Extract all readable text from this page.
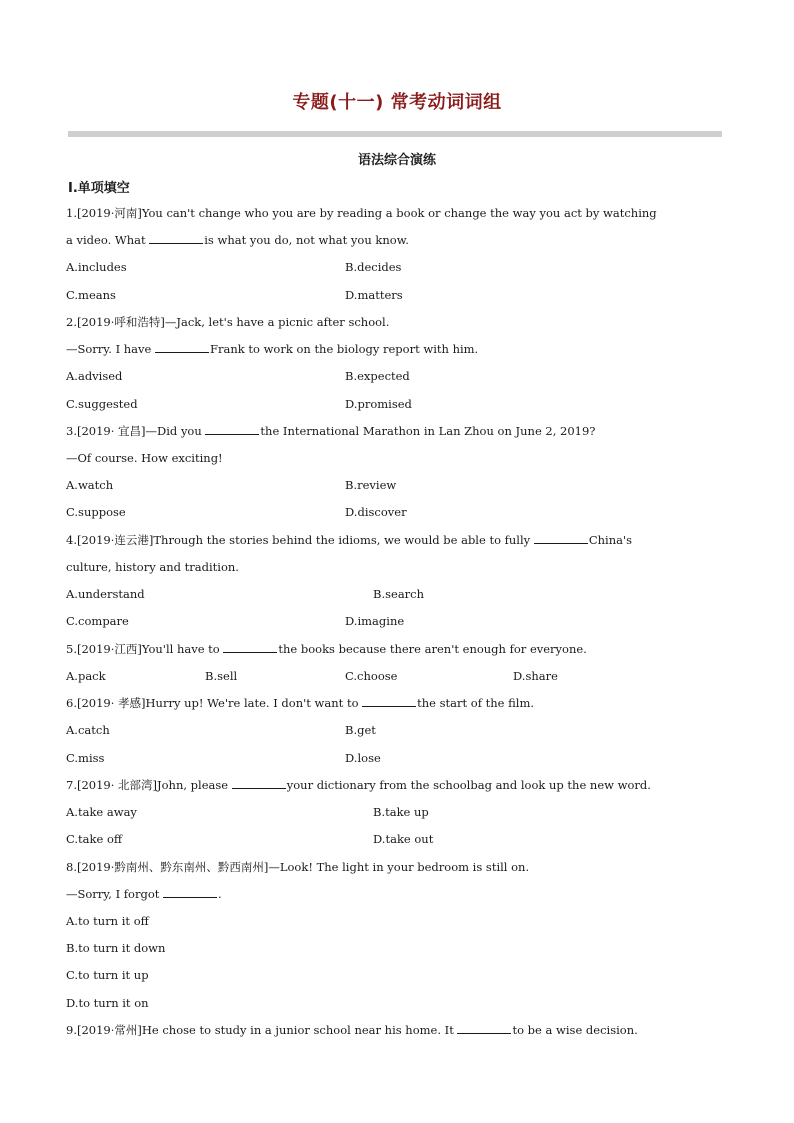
专题(十一) 常考动词词组
语法综合演练
Ⅰ.单项填空
1.[2019·河南]You can't change who you are by reading a book or change the way you act by watching
a video. What	is what you do, not what you know.
A.includes	B.decides
C.means	D.matters
2.[2019·呼和浩特]—Jack, let's have a picnic after school.
—Sorry. I have	Frank to work on the biology report with him.
A.advised	B.expected
C.suggested	D.promised
3.[2019· 宜昌]—Did you	the International Marathon in Lan Zhou on June 2, 2019?
—Of course. How exciting!
A.watch	B.review
C.suppose	D.discover
4.[2019·连云港]Through the stories behind the idioms, we would be able to fully	China's
culture, history and tradition.
A.understand	B.search
C.compare	D.imagine
5.[2019·江西]You'll have to	the books because there aren't enough for everyone.
A.pack	B.sell	C.choose	D.share
6.[2019· 孝感]Hurry up! We're late. I don't want to	the start of the film.
A.catch	B.get
C.miss	D.lose
7.[2019· 北部湾]John, please	your dictionary from the schoolbag and look up the new word.
A.take away	B.take up
C.take off	D.take out
8.[2019·黔南州、黔东南州、黔西南州]—Look! The light in your bedroom is still on.
—Sorry, I forgot	.
A.to turn it off
B.to turn it down
C.to turn it up
D.to turn it on
9.[2019·常州]He chose to study in a junior school near his home. It	to be a wise decision.
